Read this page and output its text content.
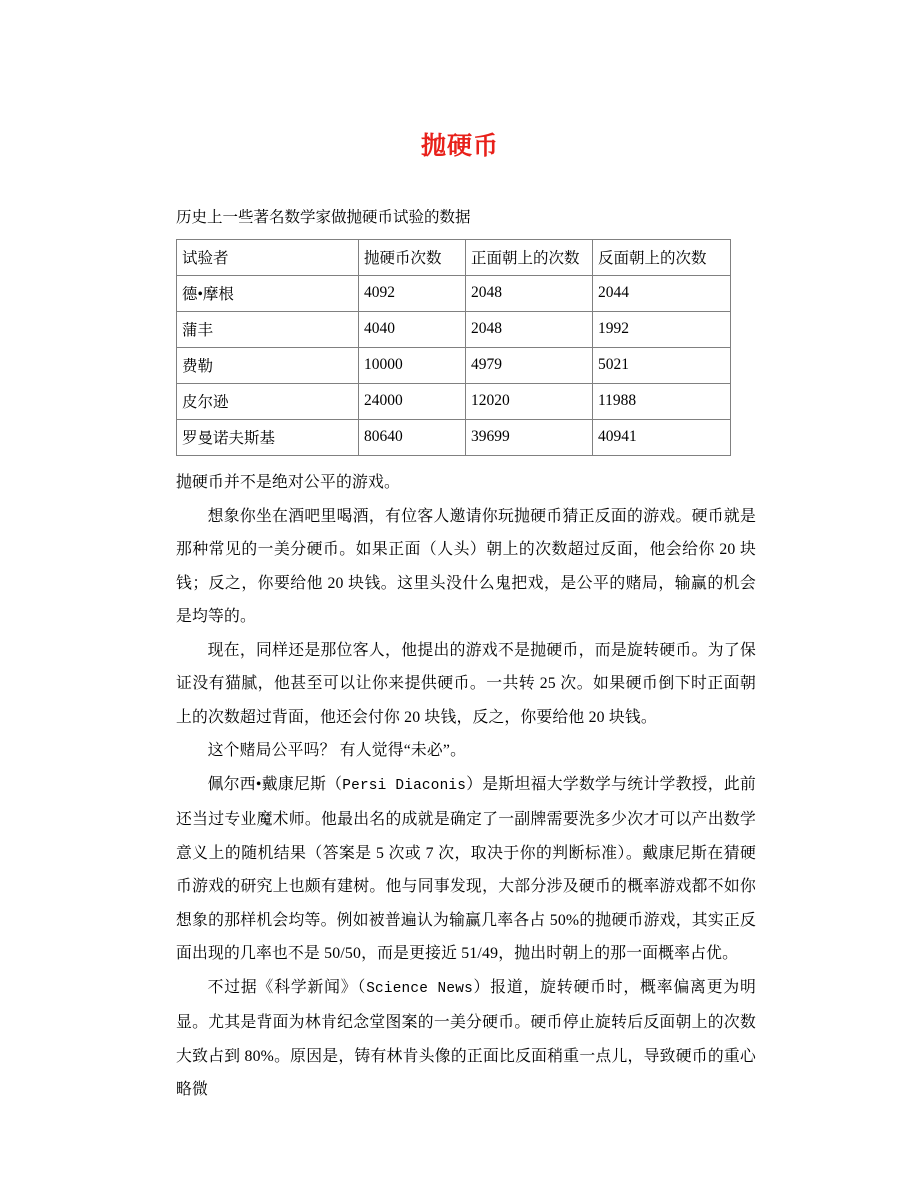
抛硬币

历史上一些著名数学家做抛硬币试验的数据

试验者	抛硬币次数	正面朝上的次数	反面朝上的次数
德•摩根	4092	2048	2044
蒲丰	4040	2048	1992
费勒	10000	4979	5021
皮尔逊	24000	12020	11988
罗曼诺夫斯基	80640	39699	40941

抛硬币并不是绝对公平的游戏。

想象你坐在酒吧里喝酒，有位客人邀请你玩抛硬币猜正反面的游戏。硬币就是那种常见的一美分硬币。如果正面（人头）朝上的次数超过反面，他会给你 20 块钱；反之，你要给他 20 块钱。这里头没什么鬼把戏，是公平的赌局，输赢的机会是均等的。

现在，同样还是那位客人，他提出的游戏不是抛硬币，而是旋转硬币。为了保证没有猫腻，他甚至可以让你来提供硬币。一共转 25 次。如果硬币倒下时正面朝上的次数超过背面，他还会付你 20 块钱，反之，你要给他 20 块钱。

这个赌局公平吗？ 有人觉得“未必”。

佩尔西•戴康尼斯（Persi Diaconis）是斯坦福大学数学与统计学教授，此前还当过专业魔术师。他最出名的成就是确定了一副牌需要洗多少次才可以产出数学意义上的随机结果（答案是 5 次或 7 次，取决于你的判断标准）。戴康尼斯在猜硬币游戏的研究上也颇有建树。他与同事发现，大部分涉及硬币的概率游戏都不如你想象的那样机会均等。例如被普遍认为输赢几率各占 50%的抛硬币游戏，其实正反面出现的几率也不是 50/50，而是更接近 51/49，抛出时朝上的那一面概率占优。

不过据《科学新闻》（Science News）报道，旋转硬币时，概率偏离更为明显。尤其是背面为林肯纪念堂图案的一美分硬币。硬币停止旋转后反面朝上的次数大致占到 80%。原因是，铸有林肯头像的正面比反面稍重一点儿，导致硬币的重心略微
